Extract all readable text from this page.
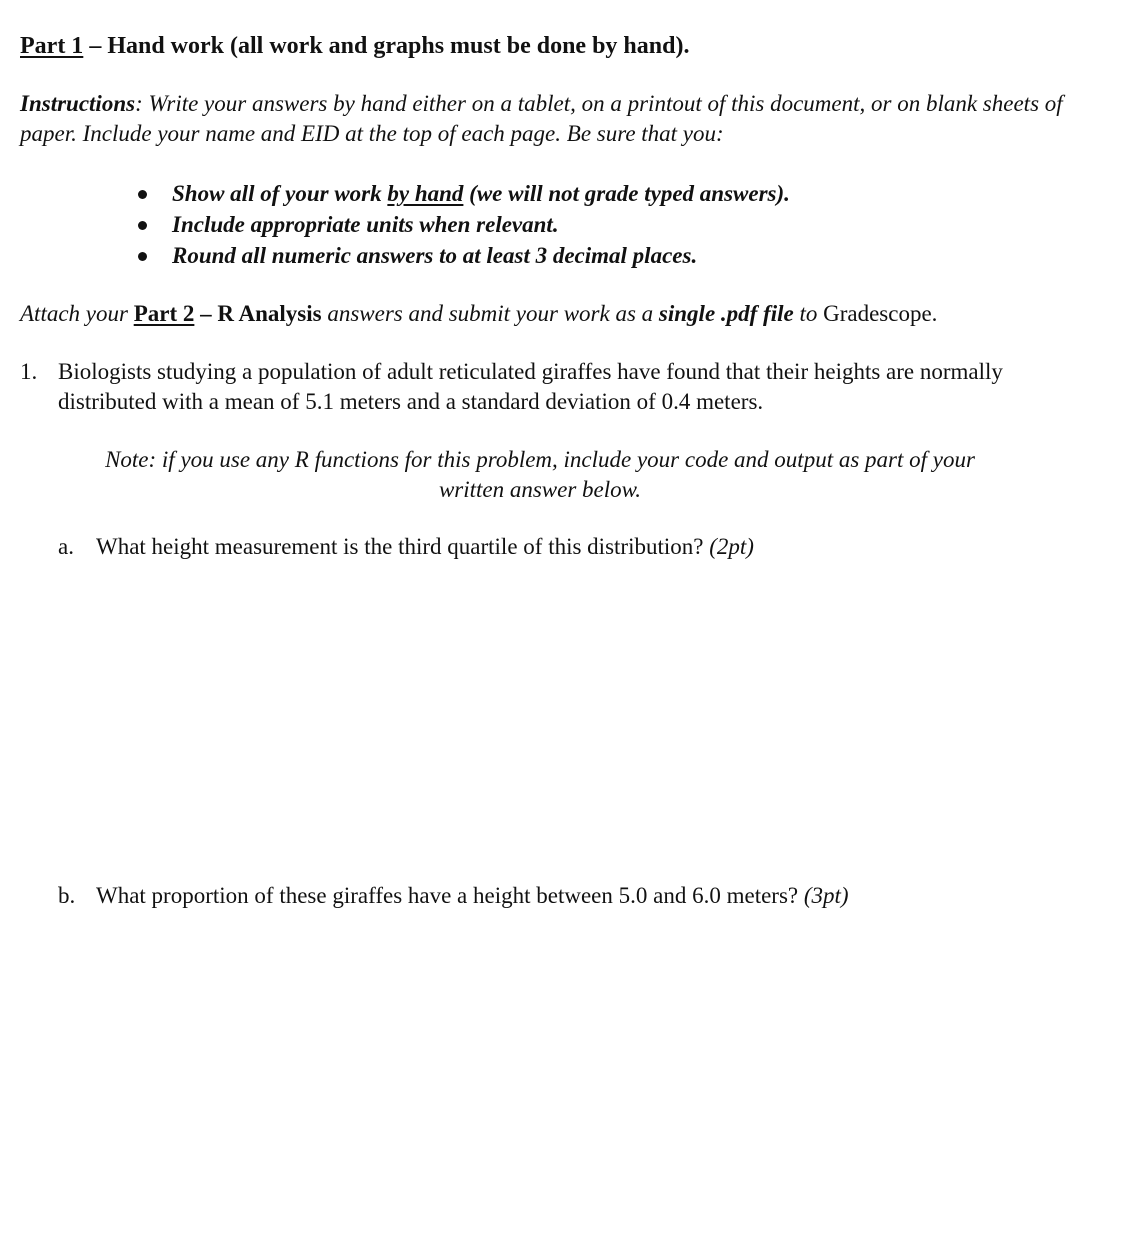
Part 1 – Hand work (all work and graphs must be done by hand).
Instructions: Write your answers by hand either on a tablet, on a printout of this document, or on blank sheets of paper. Include your name and EID at the top of each page. Be sure that you:
Show all of your work by hand (we will not grade typed answers).
Include appropriate units when relevant.
Round all numeric answers to at least 3 decimal places.
Attach your Part 2 – R Analysis answers and submit your work as a single .pdf file to Gradescope.
1. Biologists studying a population of adult reticulated giraffes have found that their heights are normally distributed with a mean of 5.1 meters and a standard deviation of 0.4 meters.
Note: if you use any R functions for this problem, include your code and output as part of your
written answer below.
a. What height measurement is the third quartile of this distribution? (2pt)
b. What proportion of these giraffes have a height between 5.0 and 6.0 meters? (3pt)
